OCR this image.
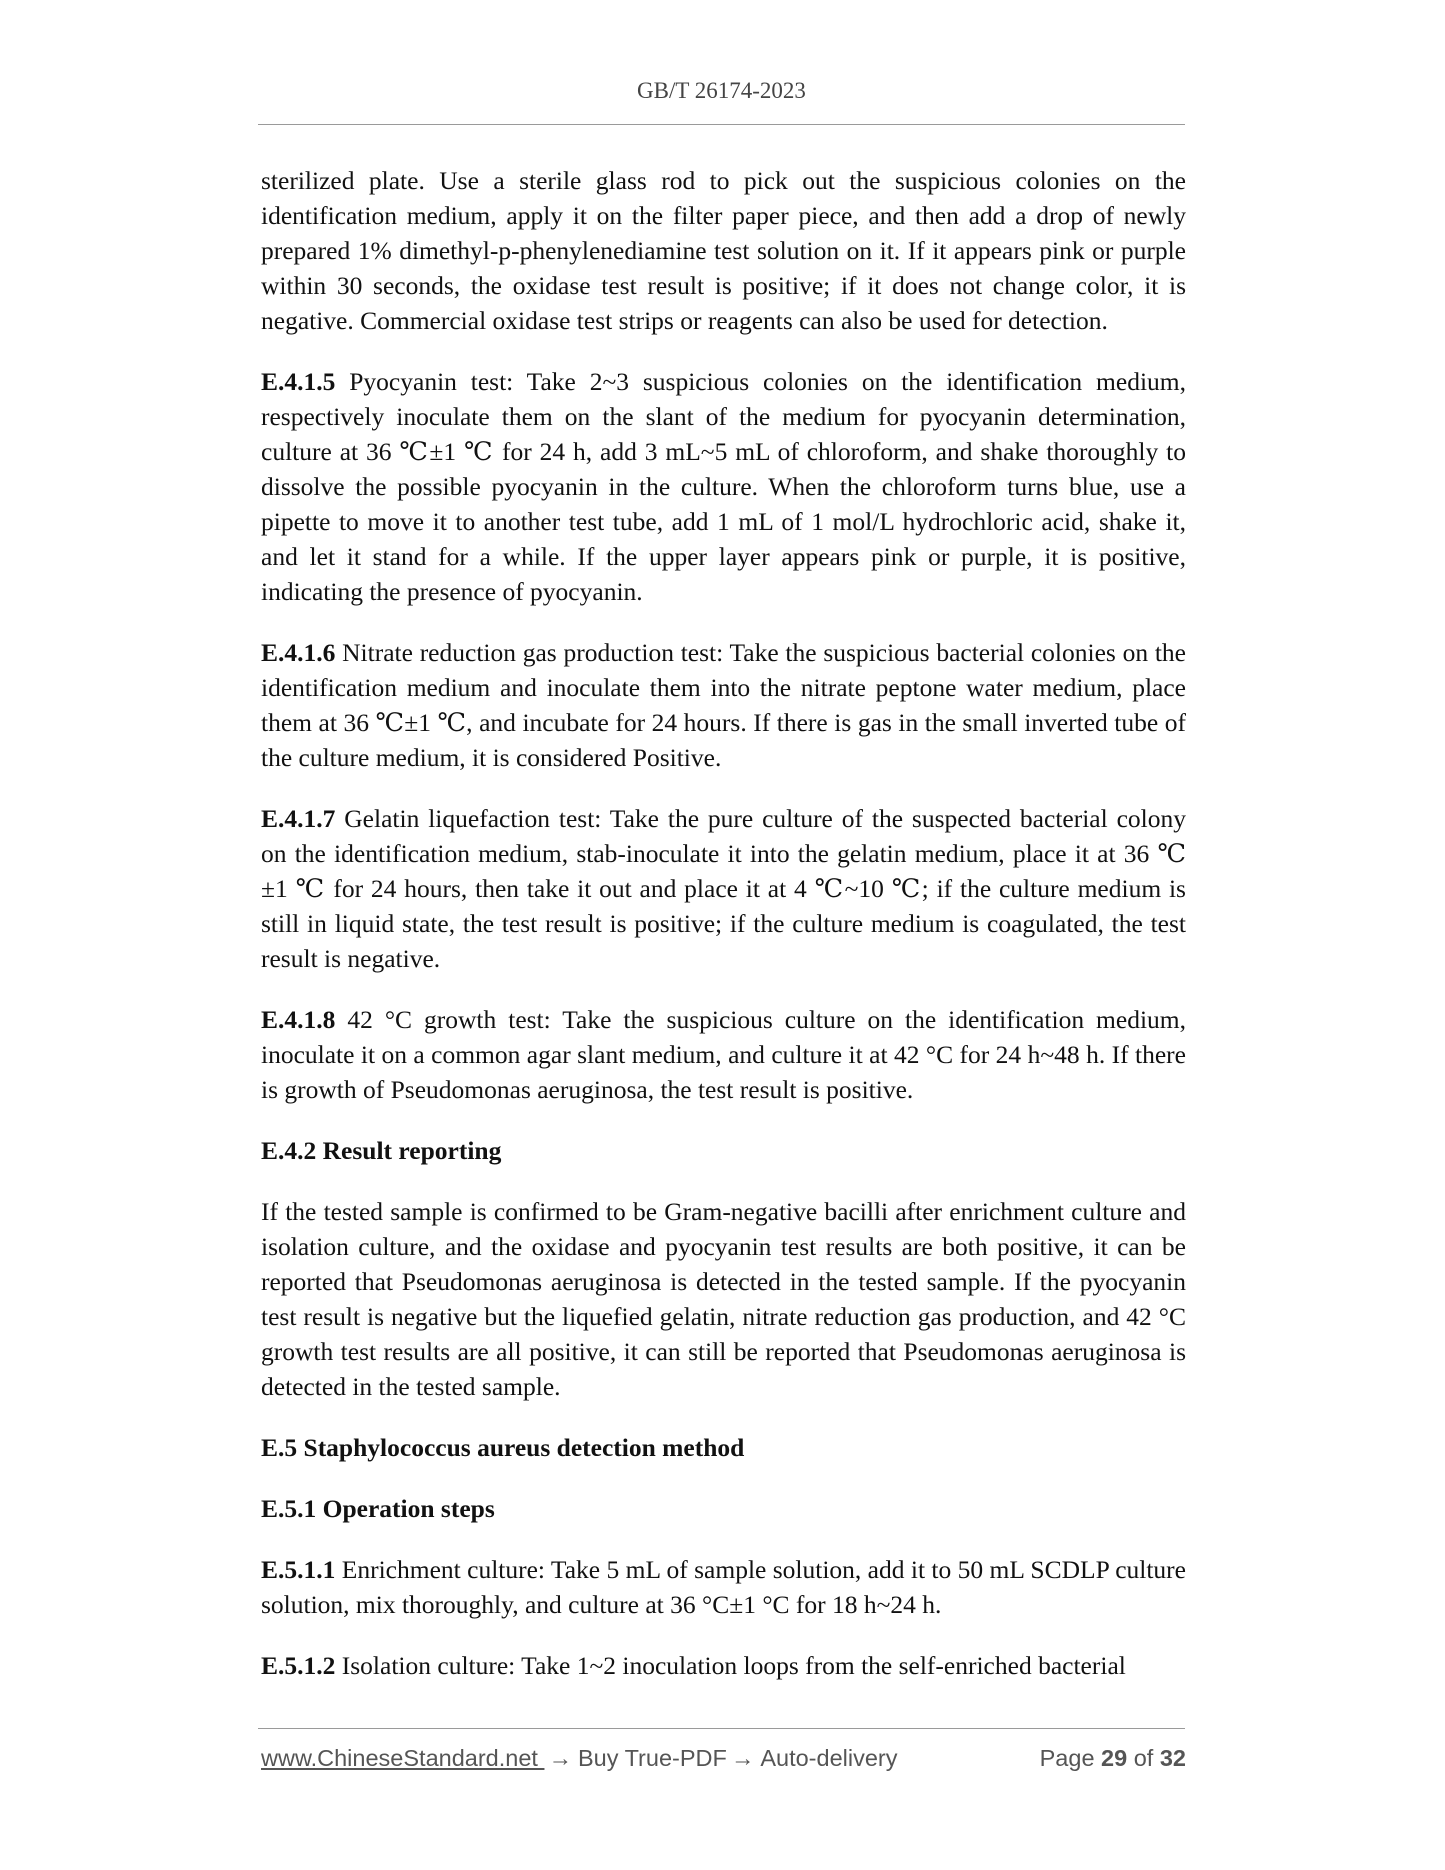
GB/T 26174-2023

sterilized plate. Use a sterile glass rod to pick out the suspicious colonies on the identification medium, apply it on the filter paper piece, and then add a drop of newly prepared 1% dimethyl-p-phenylenediamine test solution on it. If it appears pink or purple within 30 seconds, the oxidase test result is positive; if it does not change color, it is negative. Commercial oxidase test strips or reagents can also be used for detection.

E.4.1.5 Pyocyanin test: Take 2~3 suspicious colonies on the identification medium, respectively inoculate them on the slant of the medium for pyocyanin determination, culture at 36 ℃±1 ℃ for 24 h, add 3 mL~5 mL of chloroform, and shake thoroughly to dissolve the possible pyocyanin in the culture. When the chloroform turns blue, use a pipette to move it to another test tube, add 1 mL of 1 mol/L hydrochloric acid, shake it, and let it stand for a while. If the upper layer appears pink or purple, it is positive, indicating the presence of pyocyanin.

E.4.1.6 Nitrate reduction gas production test: Take the suspicious bacterial colonies on the identification medium and inoculate them into the nitrate peptone water medium, place them at 36 ℃±1 ℃, and incubate for 24 hours. If there is gas in the small inverted tube of the culture medium, it is considered Positive.

E.4.1.7 Gelatin liquefaction test: Take the pure culture of the suspected bacterial colony on the identification medium, stab-inoculate it into the gelatin medium, place it at 36 ℃±1 ℃ for 24 hours, then take it out and place it at 4 ℃~10 ℃; if the culture medium is still in liquid state, the test result is positive; if the culture medium is coagulated, the test result is negative.

E.4.1.8 42 °C growth test: Take the suspicious culture on the identification medium, inoculate it on a common agar slant medium, and culture it at 42 °C for 24 h~48 h. If there is growth of Pseudomonas aeruginosa, the test result is positive.

E.4.2 Result reporting

If the tested sample is confirmed to be Gram-negative bacilli after enrichment culture and isolation culture, and the oxidase and pyocyanin test results are both positive, it can be reported that Pseudomonas aeruginosa is detected in the tested sample. If the pyocyanin test result is negative but the liquefied gelatin, nitrate reduction gas production, and 42 °C growth test results are all positive, it can still be reported that Pseudomonas aeruginosa is detected in the tested sample.

E.5 Staphylococcus aureus detection method

E.5.1 Operation steps

E.5.1.1 Enrichment culture: Take 5 mL of sample solution, add it to 50 mL SCDLP culture solution, mix thoroughly, and culture at 36 °C±1 °C for 18 h~24 h.

E.5.1.2 Isolation culture: Take 1~2 inoculation loops from the self-enriched bacterial

www.ChineseStandard.net → Buy True-PDF → Auto-delivery	Page 29 of 32
